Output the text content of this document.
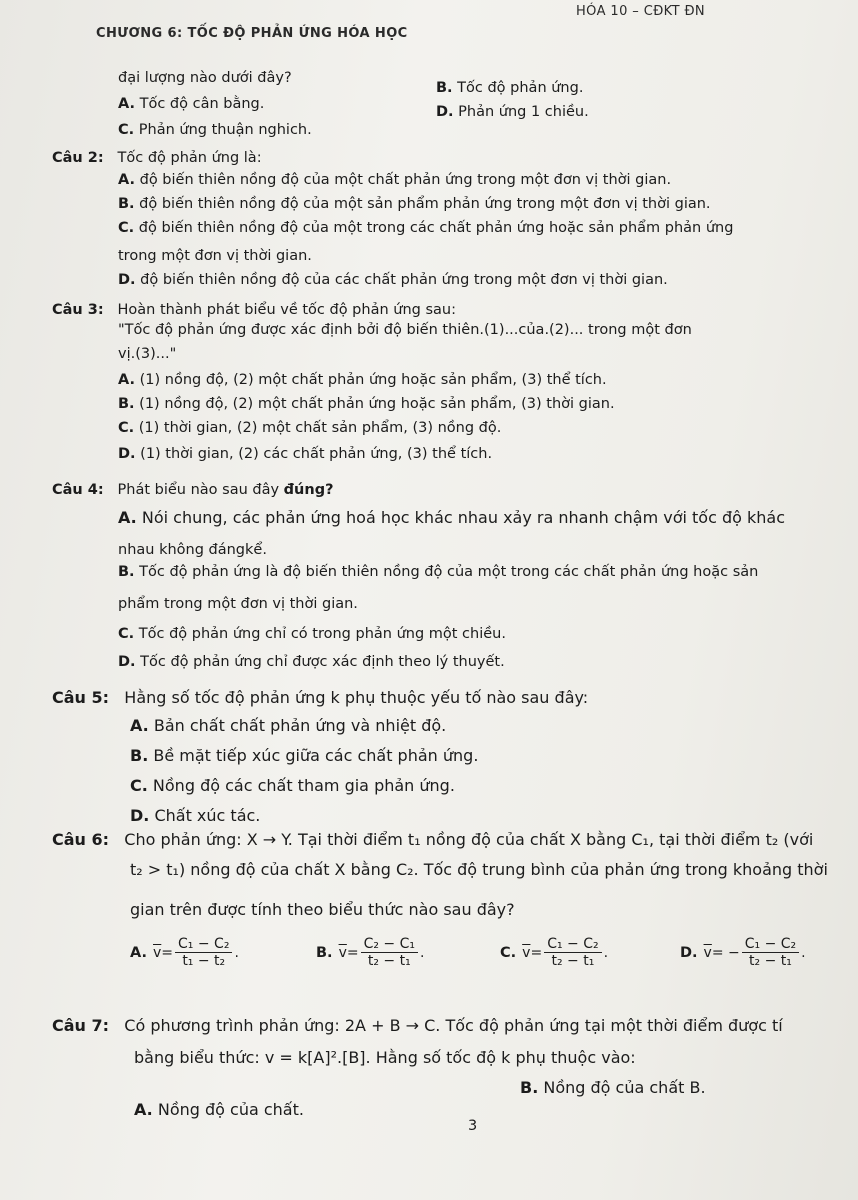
HÓA 10 – CĐKT ĐN
CHƯƠNG 6: TỐC ĐỘ PHẢN ỨNG HÓA HỌC
đại lượng nào dưới đây?
A. Tốc độ cân bằng.
B. Tốc độ phản ứng.
C. Phản ứng thuận nghich.
D. Phản ứng 1 chiều.
Câu 2: Tốc độ phản ứng là:
A. độ biến thiên nồng độ của một chất phản ứng trong một đơn vị thời gian.
B. độ biến thiên nồng độ của một sản phẩm phản ứng trong một đơn vị thời gian.
C. độ biến thiên nồng độ của một trong các chất phản ứng hoặc sản phẩm phản ứng
trong một đơn vị thời gian.
D. độ biến thiên nồng độ của các chất phản ứng trong một đơn vị thời gian.
Câu 3: Hoàn thành phát biểu về tốc độ phản ứng sau:
"Tốc độ phản ứng được xác định bởi độ biến thiên.(1)...của.(2)... trong một đơn
vị.(3)..."
A. (1) nồng độ, (2) một chất phản ứng hoặc sản phẩm, (3) thể tích.
B. (1) nồng độ, (2) một chất phản ứng hoặc sản phẩm, (3) thời gian.
C. (1) thời gian, (2) một chất sản phẩm, (3) nồng độ.
D. (1) thời gian, (2) các chất phản ứng, (3) thể tích.
Câu 4: Phát biểu nào sau đây đúng?
A. Nói chung, các phản ứng hoá học khác nhau xảy ra nhanh chậm với tốc độ khác
nhau không đángkể.
B. Tốc độ phản ứng là độ biến thiên nồng độ của một trong các chất phản ứng hoặc sản
phẩm trong một đơn vị thời gian.
C. Tốc độ phản ứng chỉ có trong phản ứng một chiều.
D. Tốc độ phản ứng chỉ được xác định theo lý thuyết.
Câu 5: Hằng số tốc độ phản ứng k phụ thuộc yếu tố nào sau đây:
A. Bản chất chất phản ứng và nhiệt độ.
B. Bề mặt tiếp xúc giữa các chất phản ứng.
C. Nồng độ các chất tham gia phản ứng.
D. Chất xúc tác.
Câu 6: Cho phản ứng: X → Y. Tại thời điểm t₁ nồng độ của chất X bằng C₁, tại thời điểm t₂ (với
t₂ > t₁) nồng độ của chất X bằng C₂. Tốc độ trung bình của phản ứng trong khoảng thời
gian trên được tính theo biểu thức nào sau đây?
A. $\overline{v} = \frac{\text{C₁ − C₂}}{\text{t₁ − t₂}}$ .	B. $\overline{v} = \frac{\text{C₂ − C₁}}{\text{t₂ − t₁}}$ .	C. $\overline{v} = \frac{\text{C₁ − C₂}}{\text{t₂ − t₁}}$ .	D. $\overline{v}$ = − $\frac{\text{C₁ − C₂}}{\text{t₂ − t₁}}$ .
Câu 7: Có phương trình phản ứng: 2A + B → C. Tốc độ phản ứng tại một thời điểm được tí
bằng biểu thức: v = k[A]².[B]. Hằng số tốc độ k phụ thuộc vào:
A. Nồng độ của chất.
B. Nồng độ của chất B.
3
